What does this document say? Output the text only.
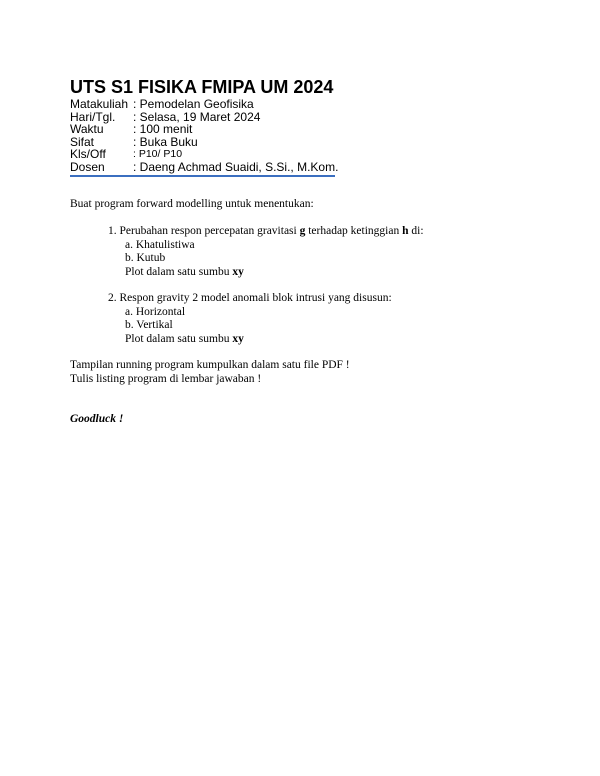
UTS S1 FISIKA FMIPA UM 2024
Matakuliah : Pemodelan Geofisika
Hari/Tgl.	: Selasa, 19 Maret 2024
Waktu	: 100 menit
Sifat	: Buka Buku
Kls/Off	: P10/ P10
Dosen	: Daeng Achmad Suaidi, S.Si., M.Kom.
Buat program forward modelling untuk menentukan:
1. Perubahan respon percepatan gravitasi g terhadap ketinggian h di:
a. Khatulistiwa
b. Kutub
Plot dalam satu sumbu xy
2. Respon gravity 2 model anomali blok intrusi yang disusun:
a. Horizontal
b. Vertikal
Plot dalam satu sumbu xy
Tampilan running program kumpulkan dalam satu file PDF !
Tulis listing program di lembar jawaban !
Goodluck !
